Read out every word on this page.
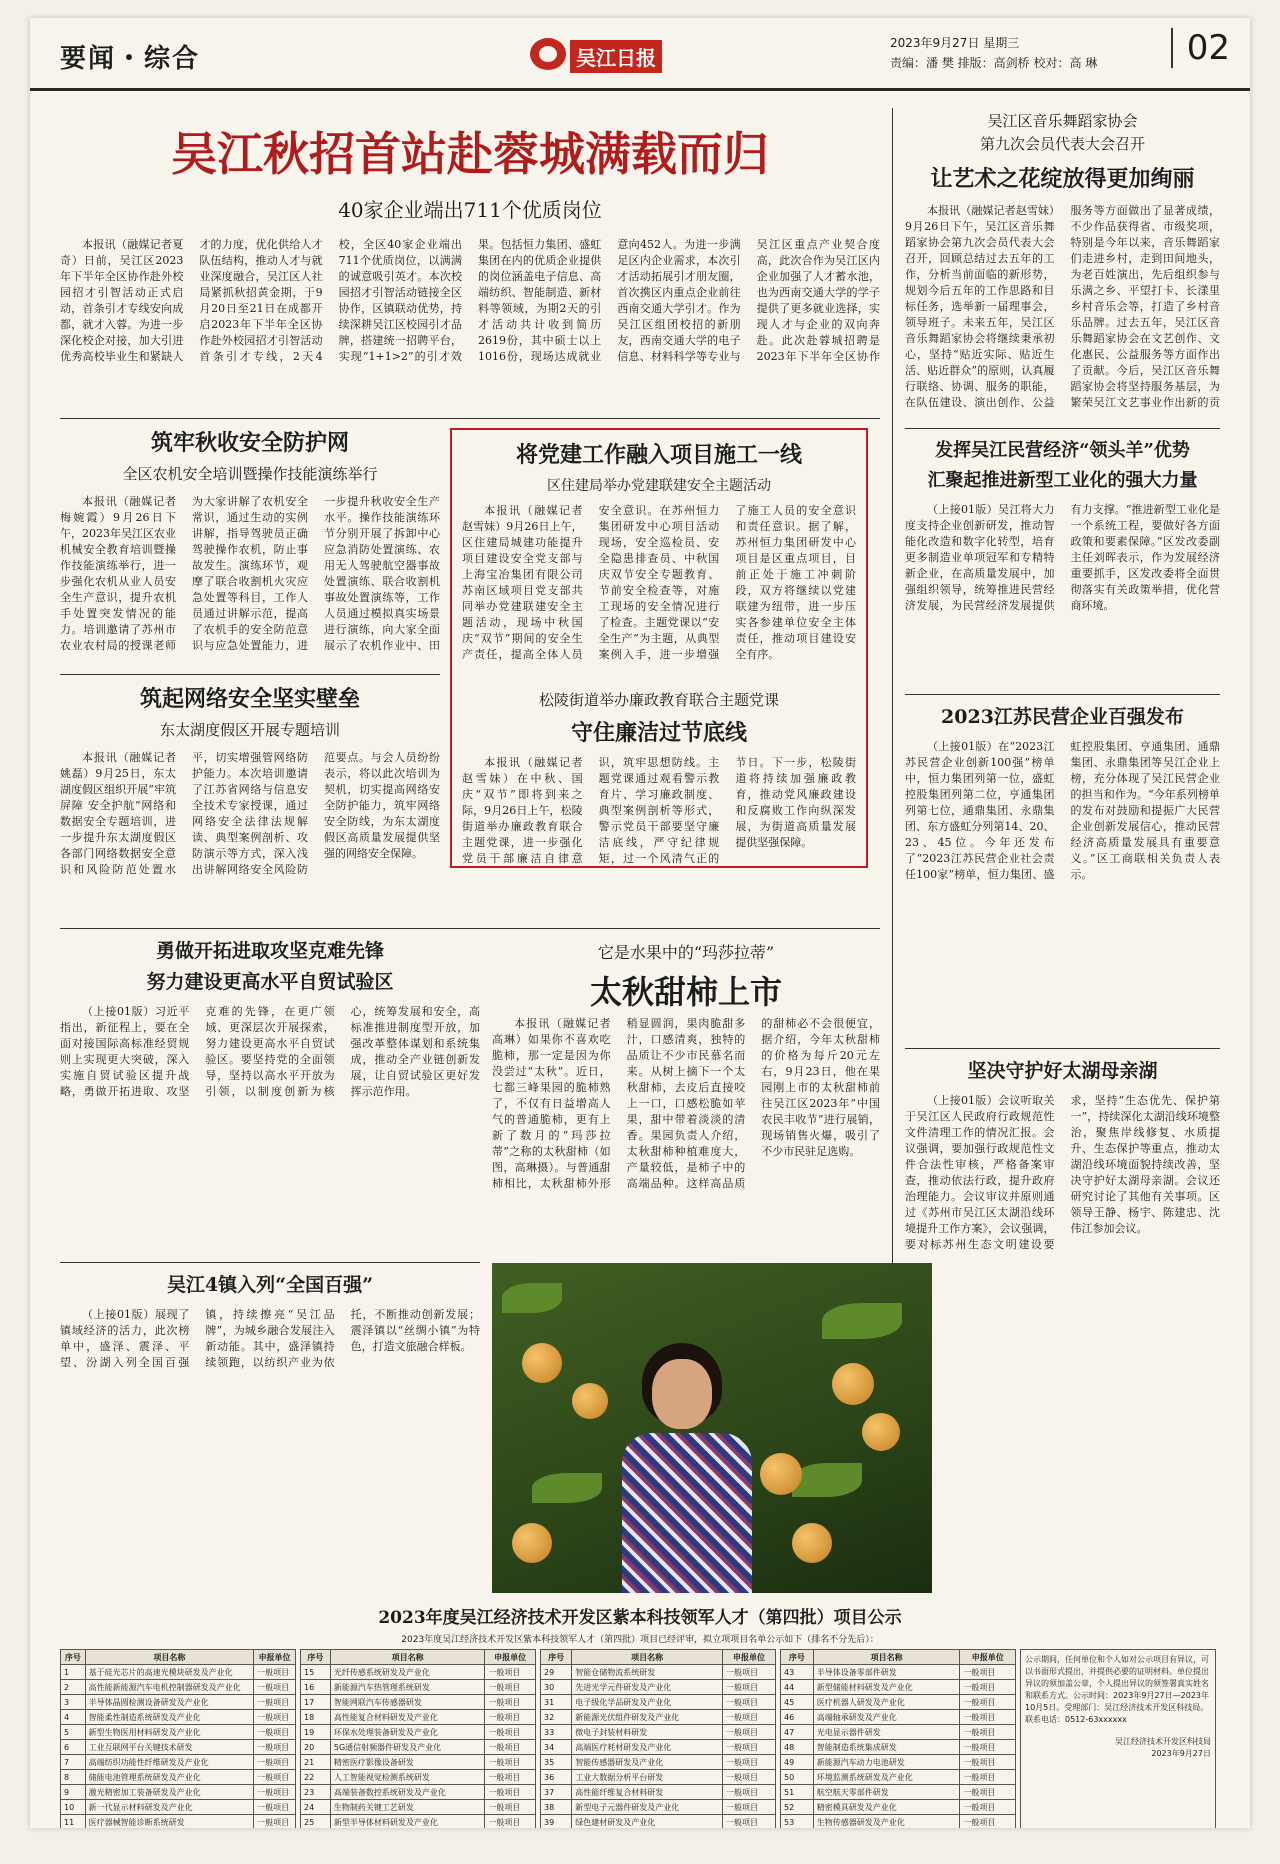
要闻・综合	吴江日报
2023年9月27日 星期三
责编：潘 樊 排版：高剑桥 校对：高 琳	02
吴江秋招首站赴蓉城满载而归
40家企业端出711个优质岗位

本报讯（融媒记者夏奇）日前，吴江区2023年下半年全区协作赴外校园招才引智活动正式启动，首条引才专线安向成都，就才入蓉。为进一步深化校企对接，加大引进优秀高校毕业生和紧缺人才的力度，优化供给人才队伍结构，推动人才与就业深度融合，吴江区人社局紧抓秋招黄金期，于9月20日至21日在成都开启2023年下半年全区协作赴外校园招才引智活动首条引才专线，2天4校，全区40家企业端出711个优质岗位，以满满的诚意吸引英才。本次校园招才引智活动链接全区协作，区镇联动优势，持续深耕吴江区校园引才品牌，搭建统一招聘平台，实现“1+1>2”的引才效果。包括恒力集团、盛虹集团在内的优质企业提供的岗位涵盖电子信息、高端纺织、智能制造、新材料等领域，为期2天的引才活动共计收到简历2619份，其中硕士以上1016份，现场达成就业意向452人。为进一步满足区内企业需求，本次引才活动拓展引才朋友圈，首次携区内重点企业前往西南交通大学引才。作为吴江区组团校招的新朋友，西南交通大学的电子信息、材料科学等专业与吴江区重点产业契合度高，此次合作为吴江区内企业加强了人才蓄水池，也为西南交通大学的学子提供了更多就业选择，实现人才与企业的双向奔赴。此次赴蓉城招聘是2023年下半年全区协作

吴江区音乐舞蹈家协会
第九次会员代表大会召开
让艺术之花绽放得更加绚丽

本报讯（融媒记者赵雪妹）9月26日下午，吴江区音乐舞蹈家协会第九次会员代表大会召开，回顾总结过去五年的工作，分析当前面临的新形势，规划今后五年的工作思路和目标任务，选举新一届理事会，领导班子。未来五年，吴江区音乐舞蹈家协会将继续秉承初心，坚持“贴近实际、贴近生活、贴近群众”的原则，认真履行联络、协调、服务的职能，在队伍建设、演出创作、公益服务等方面做出了显著成绩，不少作品获得省、市级奖项，特别是今年以来，音乐舞蹈家们走进乡村，走到田间地头，为老百姓演出，先后组织参与乐满之乡、平望打卡、长漾里乡村音乐会等，打造了乡村音乐品牌。过去五年，吴江区音乐舞蹈家协会在文艺创作、文化惠民、公益服务等方面作出了贡献。今后，吴江区音乐舞蹈家协会将坚持服务基层，为繁荣吴江文艺事业作出新的贡

筑牢秋收安全防护网
全区农机安全培训暨操作技能演练举行

本报讯（融媒记者梅婉霞）9月26日下午，2023年吴江区农业机械安全教育培训暨操作技能演练举行，进一步强化农机从业人员安全生产意识，提升农机手处置突发情况的能力。培训邀请了苏州市农业农村局的授课老师为大家讲解了农机安全常识，通过生动的实例讲解，指导驾驶员正确驾驶操作农机，防止事故发生。演练环节，观摩了联合收割机火灾应急处置等科目，工作人员通过讲解示范，提高了农机手的安全防范意识与应急处置能力，进一步提升秋收安全生产水平。操作技能演练环节分别开展了拆卸中心应急消防处置演练、农用无人驾驶航空器事故处置演练、联合收割机事故处置演练等，工作人员通过模拟真实场景进行演练，向大家全面展示了农机作业中、田

将党建工作融入项目施工一线
区住建局举办党建联建安全主题活动

本报讯（融媒记者赵雪妹）9月26日上午，区住建局城建功能提升项目建设安全党支部与上海宝冶集团有限公司苏南区域项目党支部共同举办党建联建安全主题活动，现场中秋国庆“双节”期间的安全生产责任，提高全体人员安全意识。在苏州恒力集团研发中心项目活动现场，安全巡检员、安全隐患排查员、中秋国庆双节安全专题教育、节前安全检查等，对施工现场的安全情况进行了检查。主题党课以“安全生产”为主题，从典型案例入手，进一步增强了施工人员的安全意识和责任意识。据了解，苏州恒力集团研发中心项目是区重点项目，目前正处于施工冲刺阶段，双方将继续以党建联建为纽带，进一步压实各参建单位安全主体责任，推动项目建设安全有序。

松陵街道举办廉政教育联合主题党课
守住廉洁过节底线

本报讯（融媒记者赵雪妹）在中秋、国庆“双节”即将到来之际，9月26日上午，松陵街道举办廉政教育联合主题党课，进一步强化党员干部廉洁自律意识，筑牢思想防线。主题党课通过观看警示教育片、学习廉政制度、典型案例剖析等形式，警示党员干部要坚守廉洁底线，严守纪律规矩，过一个风清气正的节日。下一步，松陵街道将持续加强廉政教育，推动党风廉政建设和反腐败工作向纵深发展，为街道高质量发展提供坚强保障。

发挥吴江民营经济“领头羊”优势
汇聚起推进新型工业化的强大力量

（上接01版）吴江将大力度支持企业创新研发，推动智能化改造和数字化转型，培育更多制造业单项冠军和专精特新企业，在高质量发展中，加强组织领导，统筹推进民营经济发展，为民营经济发展提供有力支撑。“推进新型工业化是一个系统工程，要做好各方面政策和要素保障。”区发改委副主任刘晖表示，作为发展经济重要抓手，区发改委将全面贯彻落实有关政策举措，优化营商环境。

筑起网络安全坚实壁垒
东太湖度假区开展专题培训

本报讯（融媒记者姚磊）9月25日，东太湖度假区组织开展“牢筑屏障 安全护航”网络和数据安全专题培训，进一步提升东太湖度假区各部门网络数据安全意识和风险防范处置水平，切实增强管网络防护能力。本次培训邀请了江苏省网络与信息安全技术专家授课，通过网络安全法律法规解读、典型案例剖析、攻防演示等方式，深入浅出讲解网络安全风险防范要点。与会人员纷纷表示，将以此次培训为契机，切实提高网络安全防护能力，筑牢网络安全防线，为东太湖度假区高质量发展提供坚强的网络安全保障。

2023江苏民营企业百强发布

（上接01版）在“2023江苏民营企业创新100强”榜单中，恒力集团列第一位，盛虹控股集团列第二位，亨通集团列第七位，通鼎集团、永鼎集团、东方盛虹分列第14、20、23、45位。今年还发布了“2023江苏民营企业社会责任100家”榜单，恒力集团、盛虹控股集团、亨通集团、通鼎集团、永鼎集团等吴江企业上榜，充分体现了吴江民营企业的担当和作为。“今年系列榜单的发布对鼓励和提振广大民营企业创新发展信心，推动民营经济高质量发展具有重要意义。”区工商联相关负责人表示。

勇做开拓进取攻坚克难先锋
努力建设更高水平自贸试验区

（上接01版）习近平指出，新征程上，要在全面对接国际高标准经贸规则上实现更大突破，深入实施自贸试验区提升战略，勇做开拓进取、攻坚克难的先锋，在更广领域、更深层次开展探索，努力建设更高水平自贸试验区。要坚持党的全面领导，坚持以高水平开放为引领，以制度创新为核心，统筹发展和安全，高标准推进制度型开放，加强改革整体谋划和系统集成，推动全产业链创新发展，让自贸试验区更好发挥示范作用。

它是水果中的“玛莎拉蒂”
太秋甜柿上市

本报讯（融媒记者高琳）如果你不喜欢吃脆柿，那一定是因为你没尝过“太秋”。近日，七都三峰果园的脆柿熟了，不仅有日益增高人气的普通脆柿，更有上新了数月的“玛莎拉蒂”之称的太秋甜柿（如图，高琳摄）。与普通甜柿相比，太秋甜柿外形稍显圆润，果肉脆甜多汁，口感清爽，独特的品质让不少市民慕名而来。从树上摘下一个太秋甜柿，去皮后直接咬上一口，口感松脆如苹果，甜中带着淡淡的清香。果园负责人介绍，太秋甜柿种植难度大，产量较低，是柿子中的高端品种。这样高品质的甜柿必不会很便宜，据介绍，今年太秋甜柿的价格为每斤20元左右，9月23日，他在果园刚上市的太秋甜柿前往吴江区2023年“中国农民丰收节”进行展销，现场销售火爆，吸引了不少市民驻足选购。

坚决守护好太湖母亲湖

（上接01版）会议听取关于吴江区人民政府行政规范性文件清理工作的情况汇报。会议强调，要加强行政规范性文件合法性审核，严格备案审查，推动依法行政，提升政府治理能力。会议审议并原则通过《苏州市吴江区太湖沿线环境提升工作方案》，会议强调，要对标苏州生态文明建设要求，坚持“生态优先、保护第一”，持续深化太湖沿线环境整治，聚焦岸线修复、水质提升、生态保护等重点，推动太湖沿线环境面貌持续改善，坚决守护好太湖母亲湖。会议还研究讨论了其他有关事项。区领导王静、杨宇、陈建忠、沈伟江参加会议。

吴江4镇入列“全国百强”

（上接01版）展现了镇域经济的活力，此次榜单中，盛泽、震泽、平望、汾湖入列全国百强镇，持续擦亮“吴江品牌”，为城乡融合发展注入新动能。其中，盛泽镇持续领跑，以纺织产业为依托，不断推动创新发展；震泽镇以“丝绸小镇”为特色，打造文旅融合样板。

2023年度吴江经济技术开发区紫本科技领军人才（第四批）项目公示
2023年度吴江经济技术开发区紫本科技领军人才（第四批）项目已经评审，拟立项项目名单公示如下（排名不分先后）：
序号	项目名称	申报单位
1	基于硅光芯片的高速光模块研发及产业化	一般项目
2	高性能新能源汽车电机控制器研发及产业化	一般项目
3	半导体晶圆检测设备研发及产业化	一般项目
4	智能柔性制造系统研发及产业化	一般项目
5	新型生物医用材料研发及产业化	一般项目
6	工业互联网平台关键技术研发	一般项目
7	高端纺织功能性纤维研发及产业化	一般项目
8	储能电池管理系统研发及产业化	一般项目
9	激光精密加工装备研发及产业化	一般项目
10	新一代显示材料研发及产业化	一般项目
11	医疗器械智能诊断系统研发	一般项目

序号	项目名称	申报单位
15	光纤传感系统研发及产业化	一般项目
16	新能源汽车热管理系统研发	一般项目
17	智能网联汽车传感器研发	一般项目
18	高性能复合材料研发及产业化	一般项目
19	环保水处理装备研发及产业化	一般项目
20	5G通信射频器件研发及产业化	一般项目
21	精密医疗影像设备研发	一般项目
22	人工智能视觉检测系统研发	一般项目
23	高端装备数控系统研发及产业化	一般项目
24	生物制药关键工艺研发	一般项目
25	新型半导体材料研发及产业化	一般项目

序号	项目名称	申报单位
29	智能仓储物流系统研发	一般项目
30	先进光学元件研发及产业化	一般项目
31	电子级化学品研发及产业化	一般项目
32	新能源光伏组件研发及产业化	一般项目
33	微电子封装材料研发	一般项目
34	高端医疗耗材研发及产业化	一般项目
35	智能传感器研发及产业化	一般项目
36	工业大数据分析平台研发	一般项目
37	高性能纤维复合材料研发	一般项目
38	新型电子元器件研发及产业化	一般项目
39	绿色建材研发及产业化	一般项目

序号	项目名称	申报单位
43	半导体设备零部件研发	一般项目
44	新型储能材料研发及产业化	一般项目
45	医疗机器人研发及产业化	一般项目
46	高端轴承研发及产业化	一般项目
47	光电显示器件研发	一般项目
48	智能制造系统集成研发	一般项目
49	新能源汽车动力电池研发	一般项目
50	环境监测系统研发及产业化	一般项目
51	航空航天零部件研发	一般项目
52	精密模具研发及产业化	一般项目
53	生物传感器研发及产业化	一般项目

公示期间，任何单位和个人如对公示项目有异议，可以书面形式提出，并提供必要的证明材料。单位提出异议的须加盖公章，个人提出异议的须签署真实姓名和联系方式。公示时间：2023年9月27日—2023年10月5日。受理部门：吴江经济技术开发区科技局。联系电话：0512-63xxxxxx
吴江经济技术开发区科技局
2023年9月27日
